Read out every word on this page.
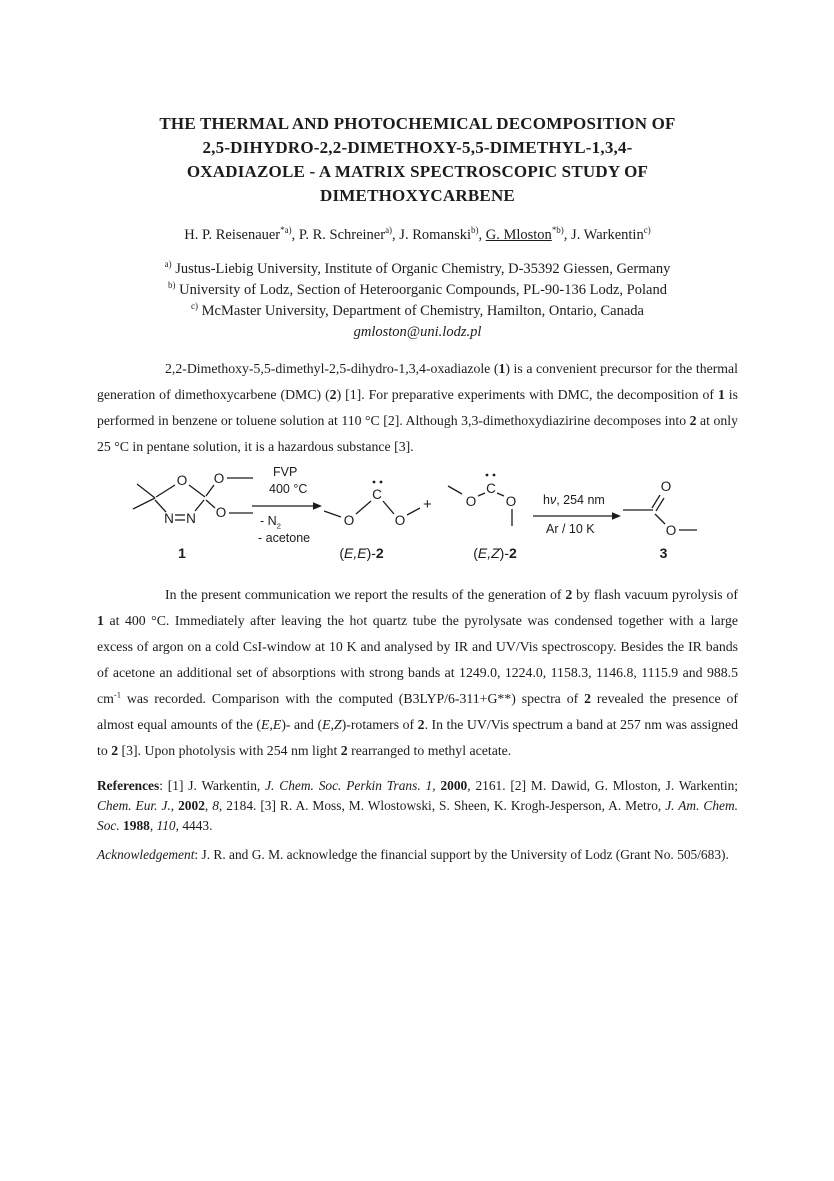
THE THERMAL AND PHOTOCHEMICAL DECOMPOSITION OF
2,5-DIHYDRO-2,2-DIMETHOXY-5,5-DIMETHYL-1,3,4-
OXADIAZOLE - A MATRIX SPECTROSCOPIC STUDY OF
DIMETHOXYCARBENE
H. P. Reisenauer$^{*a)}$, P. R. Schreiner$^{a)}$, J. Romanski$^{b)}$, G. Mloston$^{*b)}$, J. Warkentin$^{c)}$
$^{a)}$ Justus-Liebig University, Institute of Organic Chemistry, D-35392 Giessen, Germany
$^{b)}$ University of Lodz, Section of Heteroorganic Compounds, PL-90-136 Lodz, Poland
$^{c)}$ McMaster University, Department of Chemistry, Hamilton, Ontario, Canada
gmloston@uni.lodz.pl

2,2-Dimethoxy-5,5-dimethyl-2,5-dihydro-1,3,4-oxadiazole (1) is a convenient precursor for the thermal generation of dimethoxycarbene (DMC) (2) [1]. For preparative experiments with DMC, the decomposition of 1 is performed in benzene or toluene solution at 110 °C [2]. Although 3,3-dimethoxydiazirine decomposes into 2 at only 25 °C in pentane solution, it is a hazardous substance [3].

O
N N
O
O
1
FVP
400 °C
- $N_2$
- acetone
O
C
O
(E,E)-2
+	O
C
O
(E,Z)-2
hν, 254 nm
Ar / 10 K
O
O
3

In the present communication we report the results of the generation of 2 by flash vacuum pyrolysis of 1 at 400 °C. Immediately after leaving the hot quartz tube the pyrolysate was condensed together with a large excess of argon on a cold CsI-window at 10 K and analysed by IR and UV/Vis spectroscopy. Besides the IR bands of acetone an additional set of absorptions with strong bands at 1249.0, 1224.0, 1158.3, 1146.8, 1115.9 and 988.5 $cm^{-1}$ was recorded. Comparison with the computed (B3LYP/6-311+G**) spectra of 2 revealed the presence of almost equal amounts of the (E,E)- and (E,Z)-rotamers of 2. In the UV/Vis spectrum a band at 257 nm was assigned to 2 [3]. Upon photolysis with 254 nm light 2 rearranged to methyl acetate.

References: [1] J. Warkentin, J. Chem. Soc. Perkin Trans. 1, 2000, 2161. [2] M. Dawid, G. Mloston, J. Warkentin; Chem. Eur. J., 2002, 8, 2184. [3] R. A. Moss, M. Wlostowski, S. Sheen, K. Krogh-Jesperson, A. Metro, J. Am. Chem. Soc. 1988, 110, 4443.
Acknowledgement: J. R. and G. M. acknowledge the financial support by the University of Lodz (Grant No. 505/683).
